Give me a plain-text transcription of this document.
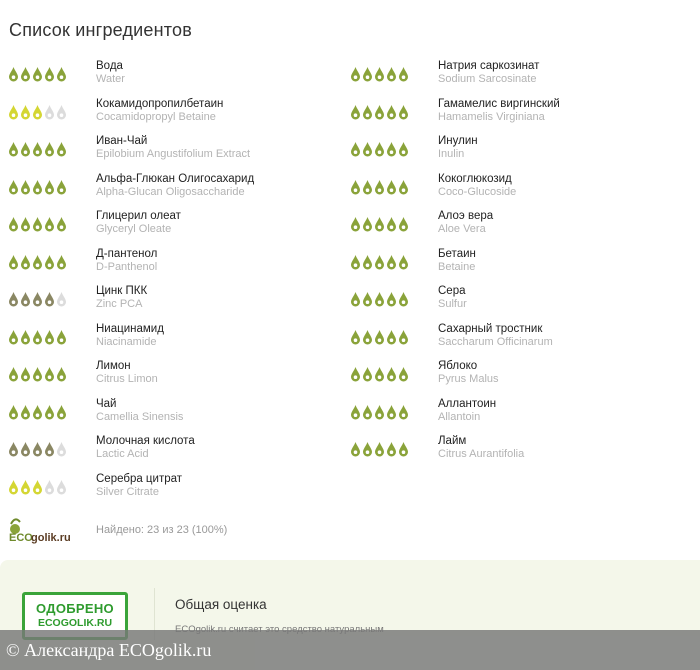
Список ингредиентов
Вода
Water
Кокамидопропилбетаин
Cocamidopropyl Betaine
Иван-Чай
Epilobium Angustifolium Extract
Альфа-Глюкан Олигосахарид
Alpha-Glucan Oligosaccharide
Глицерил олеат
Glyceryl Oleate
Д-пантенол
D-Panthenol
Цинк ПКК
Zinc PCA
Ниацинамид
Niacinamide
Лимон
Citrus Limon
Чай
Camellia Sinensis
Молочная кислота
Lactic Acid
Серебра цитрат
Silver Citrate
Натрия саркозинат
Sodium Sarcosinate
Гамамелис виргинский
Hamamelis Virginiana
Инулин
Inulin
Кокоглюкозид
Coco-Glucoside
Алоэ вера
Aloe Vera
Бетаин
Betaine
Сера
Sulfur
Сахарный тростник
Saccharum Officinarum
Яблоко
Pyrus Malus
Аллантоин
Allantoin
Лайм
Citrus Aurantifolia
ECO
golik.ru
Найдено: 23 из 23 (100%)
ОДОБРЕНО
ECOGOLIK.RU
Общая оценка
© Александра ECOgolik.ru
